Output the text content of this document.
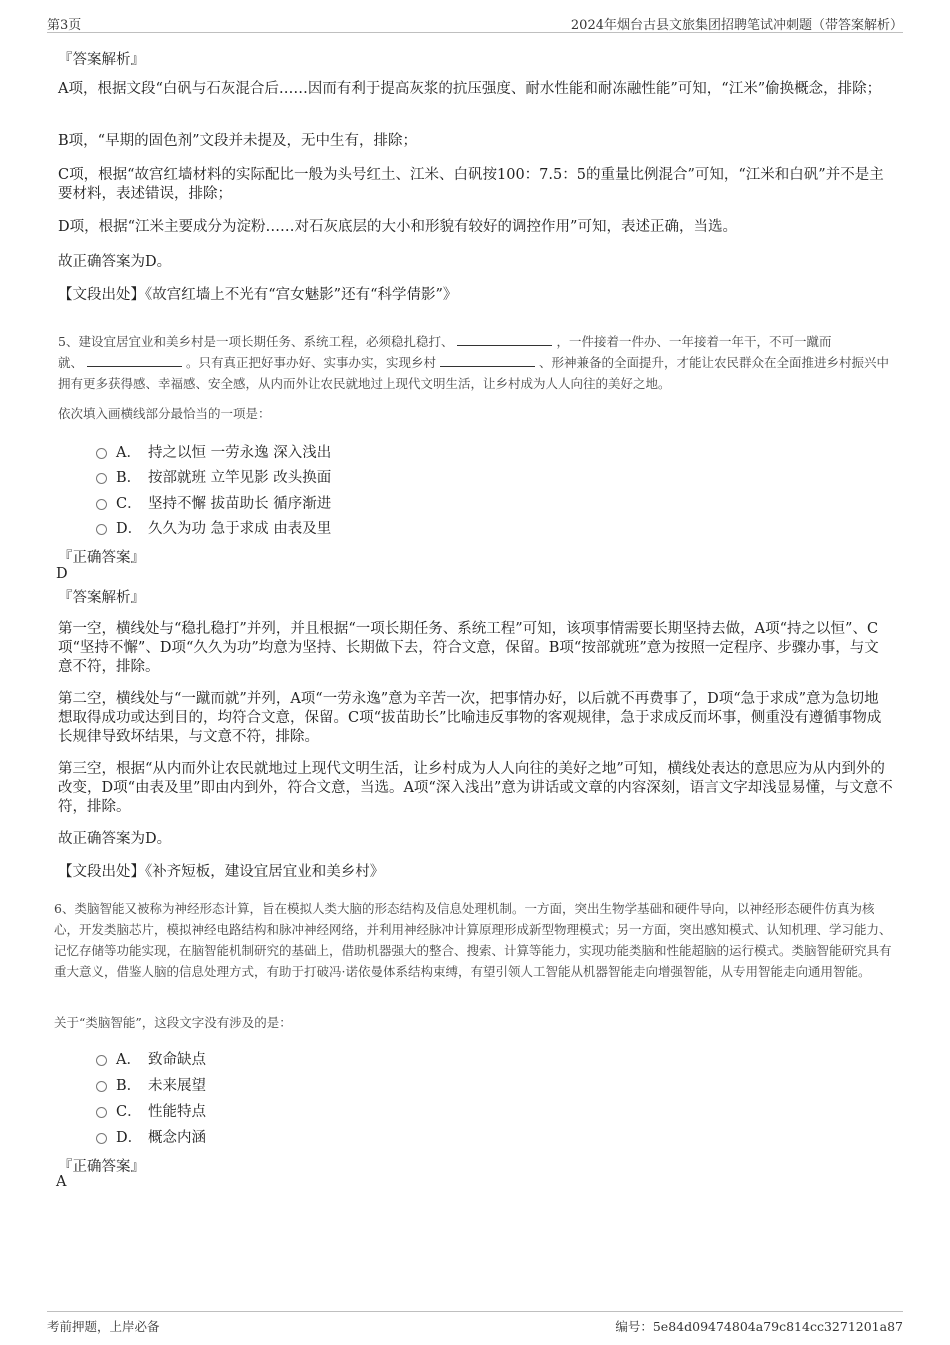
第3页	2024年烟台古县文旅集团招聘笔试冲刺题（带答案解析）
『答案解析』
A项，根据文段“白矾与石灰混合后……因而有利于提高灰浆的抗压强度、耐水性能和耐冻融性能”可知，“江米”偷换概念，排除；
B项，“早期的固色剂”文段并未提及，无中生有，排除；
C项，根据“故宫红墙材料的实际配比一般为头号红土、江米、白矾按100：7.5：5的重量比例混合”可知，“江米和白矾”并不是主要材料，表述错误，排除；
D项，根据“江米主要成分为淀粉……对石灰底层的大小和形貌有较好的调控作用”可知，表述正确，当选。
故正确答案为D。
【文段出处】《故宫红墙上不光有“宫女魅影”还有“科学倩影”》
5、建设宜居宜业和美乡村是一项长期任务、系统工程，必须稳扎稳打、	，一件接着一件办、一年接着一年干，不可一蹴而
就、	。只有真正把好事办好、实事办实，实现乡村	、形神兼备的全面提升，才能让农民群众在全面推进乡村振兴中拥有更多获得感、幸福感、安全感，从内而外让农民就地过上现代文明生活，让乡村成为人人向往的美好之地。
依次填入画横线部分最恰当的一项是：
A． 持之以恒 一劳永逸 深入浅出
B． 按部就班 立竿见影 改头换面
C． 坚持不懈 拔苗助长 循序渐进
D． 久久为功 急于求成 由表及里
『正确答案』
D
『答案解析』
第一空，横线处与“稳扎稳打”并列，并且根据“一项长期任务、系统工程”可知，该项事情需要长期坚持去做，A项“持之以恒”、C项“坚持不懈”、D项“久久为功”均意为坚持、长期做下去，符合文意，保留。B项“按部就班”意为按照一定程序、步骤办事，与文意不符，排除。
第二空，横线处与“一蹴而就”并列，A项“一劳永逸”意为辛苦一次，把事情办好，以后就不再费事了，D项“急于求成”意为急切地想取得成功或达到目的，均符合文意，保留。C项“拔苗助长”比喻违反事物的客观规律，急于求成反而坏事，侧重没有遵循事物成长规律导致坏结果，与文意不符，排除。
第三空，根据“从内而外让农民就地过上现代文明生活，让乡村成为人人向往的美好之地”可知，横线处表达的意思应为从内到外的改变，D项“由表及里”即由内到外，符合文意，当选。A项“深入浅出”意为讲话或文章的内容深刻，语言文字却浅显易懂，与文意不符，排除。
故正确答案为D。
【文段出处】《补齐短板，建设宜居宜业和美乡村》
6、类脑智能又被称为神经形态计算，旨在模拟人类大脑的形态结构及信息处理机制。一方面，突出生物学基础和硬件导向，以神经形态硬件仿真为核心，开发类脑芯片，模拟神经电路结构和脉冲神经网络，并利用神经脉冲计算原理形成新型物理模式；另一方面，突出感知模式、认知机理、学习能力、记忆存储等功能实现，在脑智能机制研究的基础上，借助机器强大的整合、搜索、计算等能力，实现功能类脑和性能超脑的运行模式。类脑智能研究具有重大意义，借鉴人脑的信息处理方式，有助于打破冯·诺依曼体系结构束缚，有望引领人工智能从机器智能走向增强智能，从专用智能走向通用智能。
关于“类脑智能”，这段文字没有涉及的是：
A． 致命缺点
B． 未来展望
C． 性能特点
D． 概念内涵
『正确答案』
A
考前押题，上岸必备	编号：5e84d09474804a79c814cc3271201a87
